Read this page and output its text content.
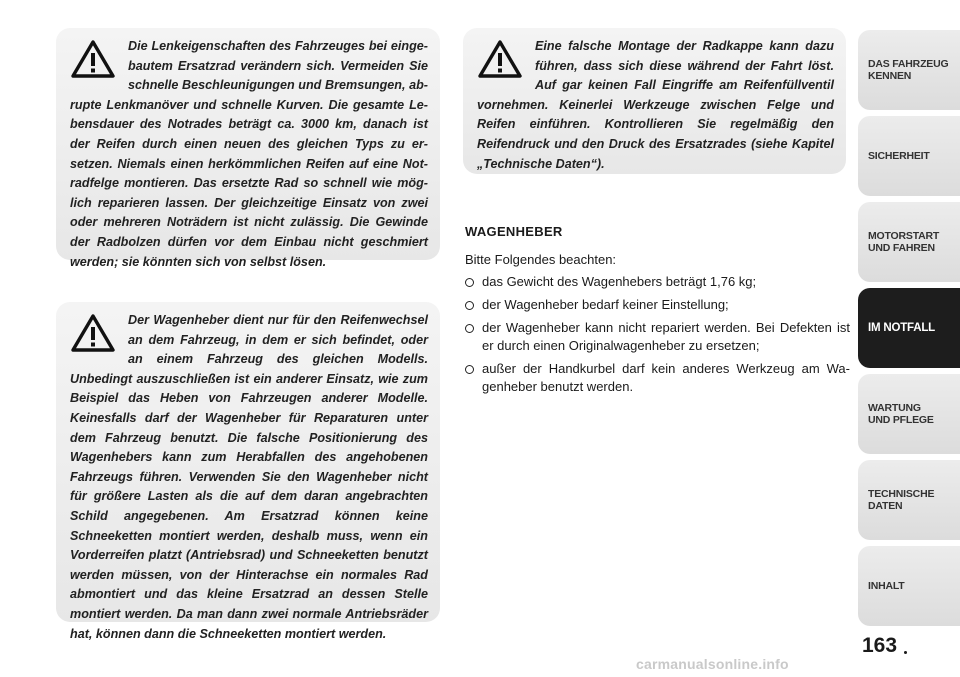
Die Lenkeigenschaften des Fahrzeuges bei eingebautem Ersatzrad verändern sich. Vermeiden Sie schnelle Beschleunigungen und Bremsungen, abrupte Lenkmanöver und schnelle Kurven. Die gesamte Lebensdauer des Notrades beträgt ca. 3000 km, danach ist der Reifen durch einen neuen des gleichen Typs zu ersetzen. Niemals einen herkömmlichen Reifen auf eine Notradfelge montieren. Das ersetzte Rad so schnell wie möglich reparieren lassen. Der gleichzeitige Einsatz von zwei oder mehreren Noträdern ist nicht zulässig. Die Gewinde der Radbolzen dürfen vor dem Einbau nicht geschmiert werden; sie könnten sich von selbst lösen.
Der Wagenheber dient nur für den Reifenwechsel an dem Fahrzeug, in dem er sich befindet, oder an einem Fahrzeug des gleichen Modells. Unbedingt auszuschließen ist ein anderer Einsatz, wie zum Beispiel das Heben von Fahrzeugen anderer Modelle. Keinesfalls darf der Wagenheber für Reparaturen unter dem Fahrzeug benutzt. Die falsche Positionierung des Wagenhebers kann zum Herabfallen des angehobenen Fahrzeugs führen. Verwenden Sie den Wagenheber nicht für größere Lasten als die auf dem daran angebrachten Schild angegebenen. Am Ersatzrad können keine Schneeketten montiert werden, deshalb muss, wenn ein Vorderreifen platzt (Antriebsrad) und Schneeketten benutzt werden müssen, von der Hinterachse ein normales Rad abmontiert und das kleine Ersatzrad an dessen Stelle montiert werden. Da man dann zwei normale Antriebsräder hat, können dann die Schneeketten montiert werden.
Eine falsche Montage der Radkappe kann dazu führen, dass sich diese während der Fahrt löst. Auf gar keinen Fall Eingriffe am Reifenfüllventil vornehmen. Keinerlei Werkzeuge zwischen Felge und Reifen einführen. Kontrollieren Sie regelmäßig den Reifendruck und den Druck des Ersatzrades (siehe Kapitel „Technische Daten“).
WAGENHEBER

Bitte Folgendes beachten:

das Gewicht des Wagenhebers beträgt 1,76 kg;
der Wagenheber bedarf keiner Einstellung;
der Wagenheber kann nicht repariert werden. Bei Defekten ist er durch einen Originalwagenheber zu ersetzen;
außer der Handkurbel darf kein anderes Werkzeug am Wagenheber benutzt werden.
DAS FAHRZEUG
KENNEN
SICHERHEIT
MOTORSTART
UND FAHREN
IM NOTFALL
WARTUNG
UND PFLEGE
TECHNISCHE
DATEN
INHALT
163
carmanualsonline.info
